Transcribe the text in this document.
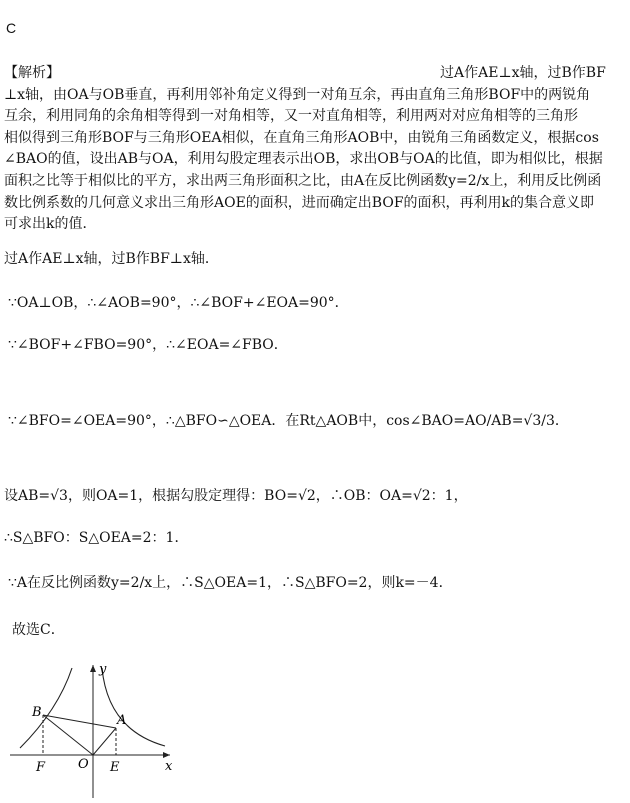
C
【解析】	过A作AE⊥x轴，过B作BF
⊥x轴，由OA与OB垂直，再利用邻补角定义得到一对角互余，再由直角三角形BOF中的两锐角
互余，利用同角的余角相等得到一对角相等，又一对直角相等，利用两对对应角相等的三角形
相似得到三角形BOF与三角形OEA相似，在直角三角形AOB中，由锐角三角函数定义，根据cos
∠BAO的值，设出AB与OA，利用勾股定理表示出OB，求出OB与OA的比值，即为相似比，根据
面积之比等于相似比的平方，求出两三角形面积之比，由A在反比例函数y=2/x上，利用反比例函
数比例系数的几何意义求出三角形AOE的面积，进而确定出BOF的面积，再利用k的集合意义即
可求出k的值．
过A作AE⊥x轴，过B作BF⊥x轴．
∵OA⊥OB，∴∠AOB=90°，∴∠BOF+∠EOA=90°．
∵∠BOF+∠FBO=90°，∴∠EOA=∠FBO．
∵∠BFO=∠OEA=90°，∴△BFO∽△OEA．在Rt△AOB中，cos∠BAO=AO/AB=√3/3．
设AB=√3，则OA=1，根据勾股定理得：BO=√2，∴OB：OA=√2：1，
∴S△BFO：S△OEA=2：1．
∵A在反比例函数y=2/x上，∴S△OEA=1，∴S△BFO=2，则k=－4．
故选C．
y
x
B
A
O E
F
